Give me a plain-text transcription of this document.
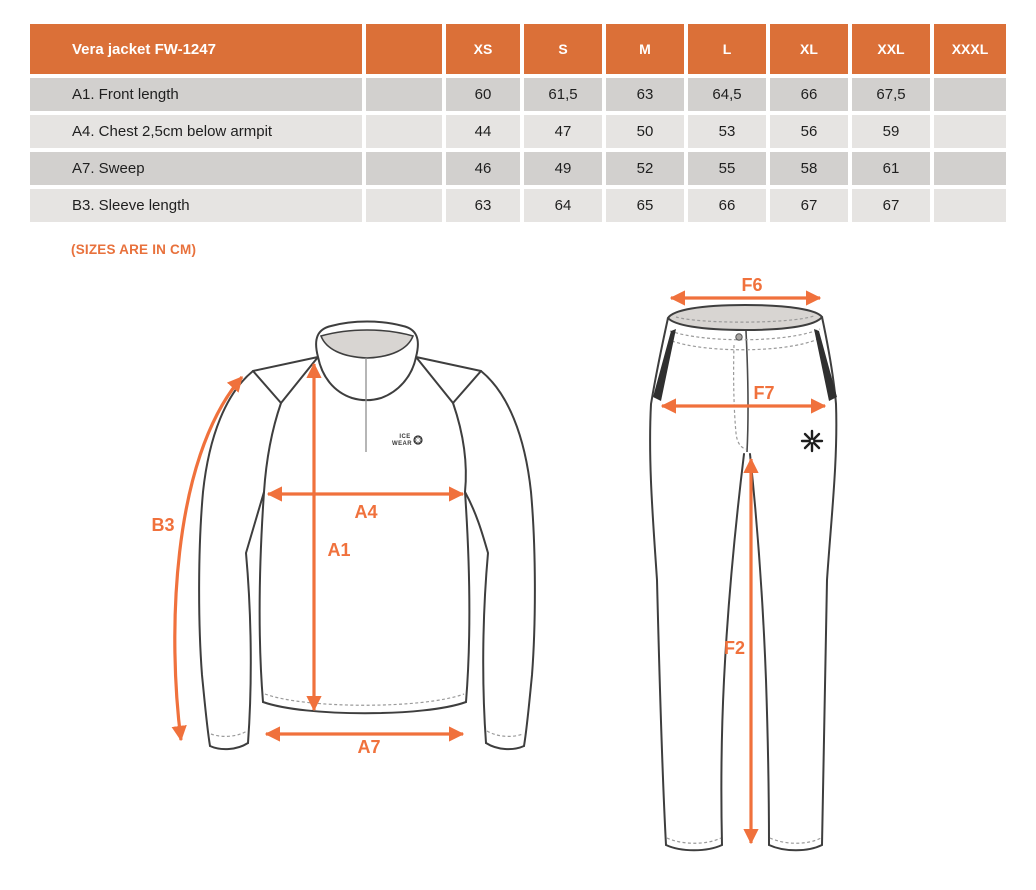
Vera jacket FW-1247	XS	S	M	L	XL	XXL	XXXL
A1. Front length	60	61,5	63	64,5	66	67,5
A4. Chest 2,5cm below armpit	44	47	50	53	56	59
A7. Sweep	46	49	52	55	58	61
B3. Sleeve length	63	64	65	66	67	67
(SIZES ARE IN CM)
ICE
WEAR
B3
A1
A4
A7
F6
F7
F2
